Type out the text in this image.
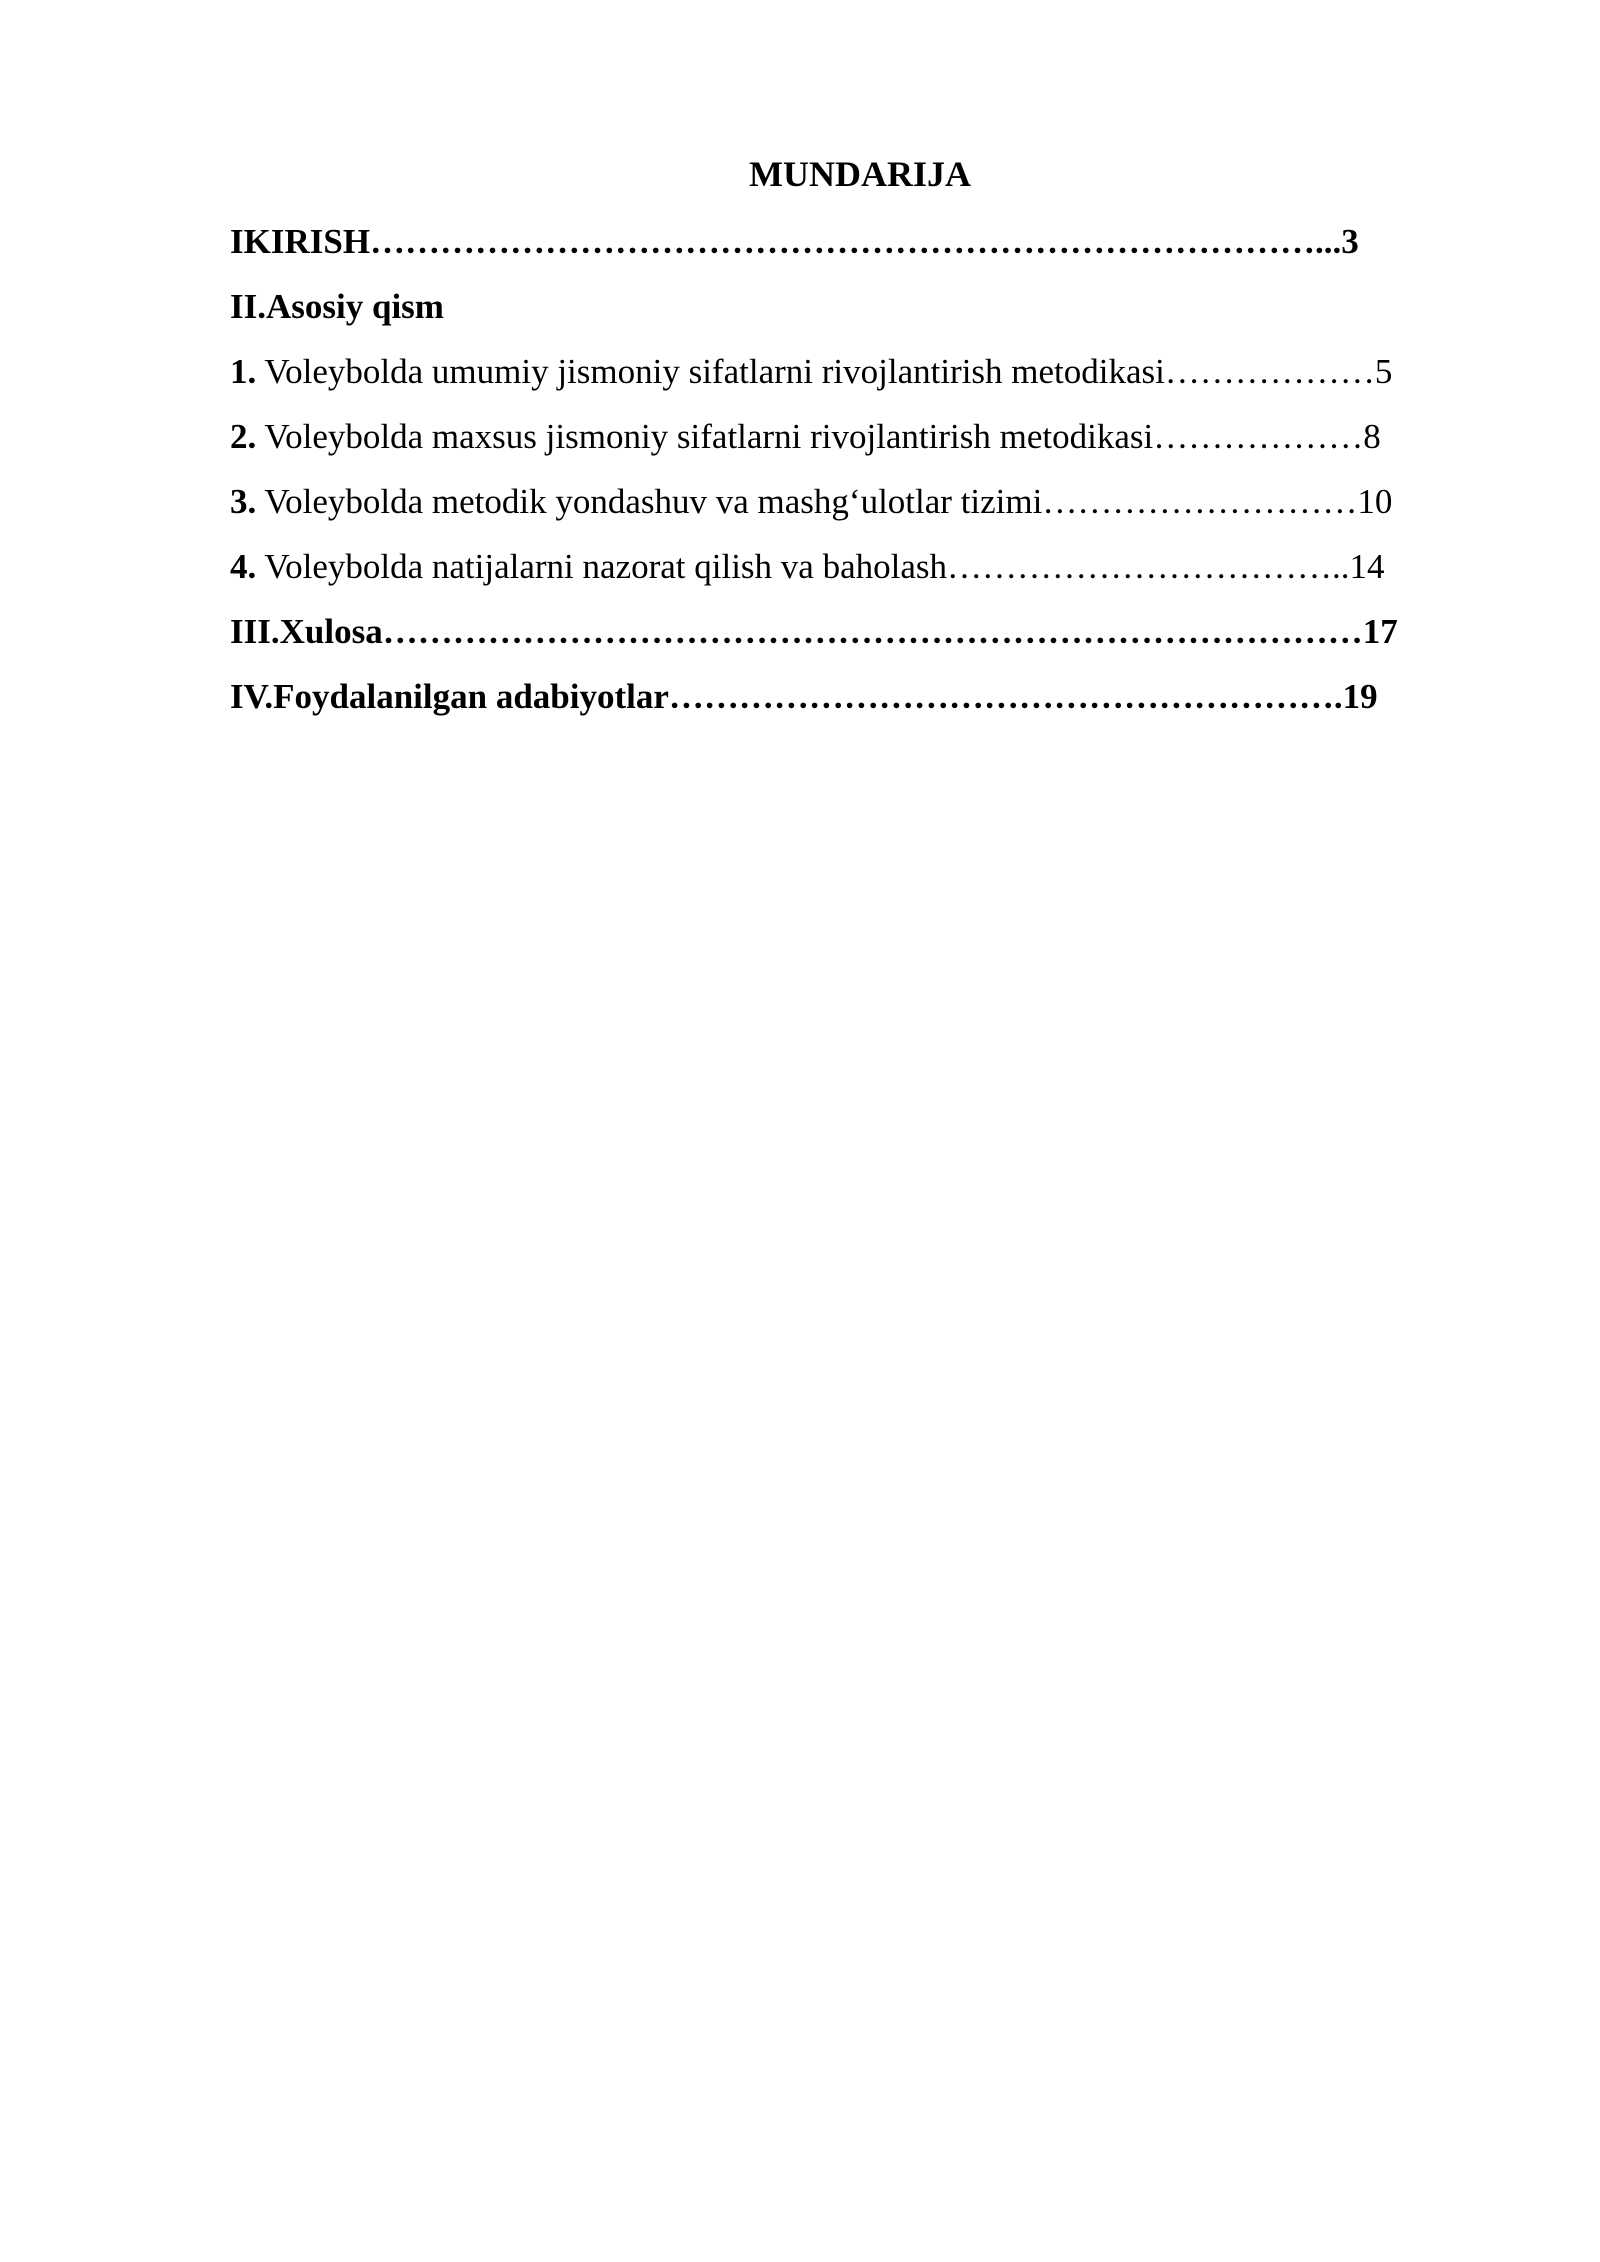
MUNDARIJA
IKIRISH………………………………………………………………………...3
II.Asosiy qism
1. Voleybolda umumiy jismoniy sifatlarni rivojlantirish metodikasi………………5
2. Voleybolda maxsus jismoniy sifatlarni rivojlantirish metodikasi………………8
3. Voleybolda metodik yondashuv va mashg‘ulotlar tizimi………………………10
4. Voleybolda natijalarni nazorat qilish va baholash……………………………..14
III.Xulosa…………………………………………………………………………17
IV.Foydalanilgan adabiyotlar………………………………………………….19
